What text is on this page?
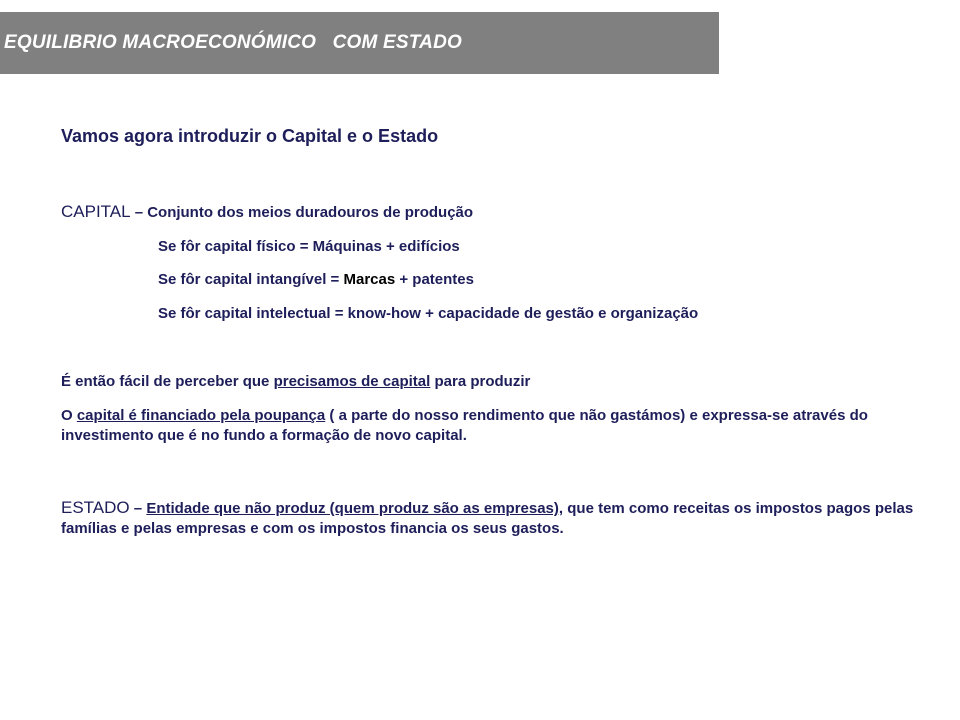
EQUILIBRIO MACROECONÓMICO   COM ESTADO
Vamos agora introduzir o Capital e o Estado
CAPITAL – Conjunto dos meios duradouros de produção
Se fôr capital físico = Máquinas + edifícios
Se fôr capital intangível = Marcas + patentes
Se fôr capital intelectual = know-how + capacidade de gestão e organização
É então fácil de perceber que precisamos de capital para produzir
O capital é financiado pela poupança ( a parte do nosso rendimento que não gastámos) e expressa-se através do investimento que é no fundo a formação de novo capital.
ESTADO – Entidade que não produz (quem produz são as empresas), que tem como receitas os impostos pagos pelas famílias e pelas empresas e com os impostos financia os seus gastos.
